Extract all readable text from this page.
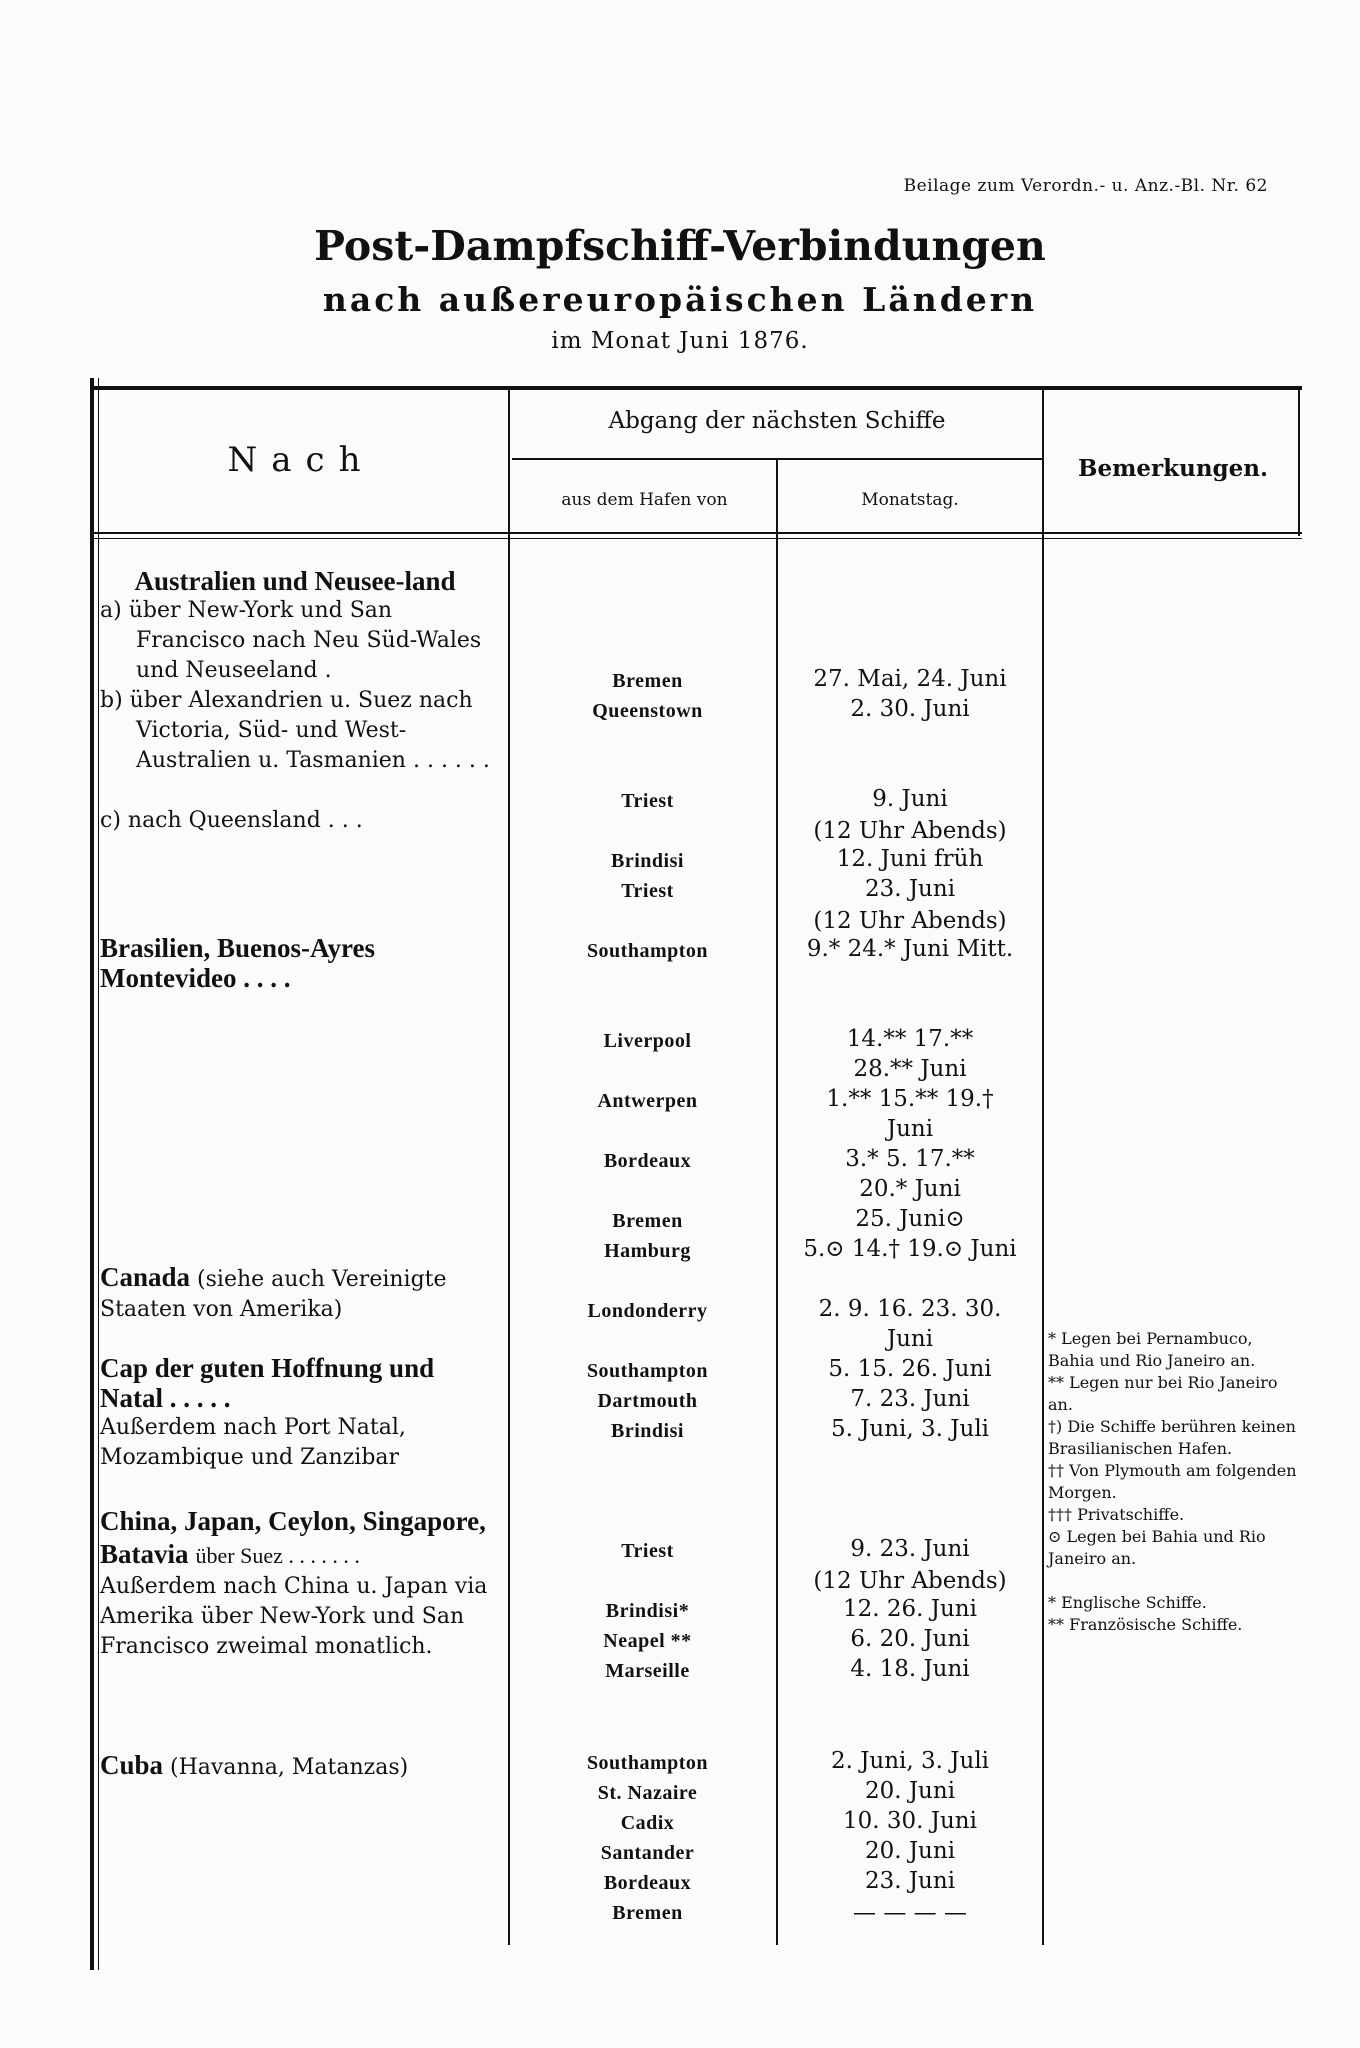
Beilage zum Verordn.- u. Anz.-Bl. Nr. 62
Post-Dampfschiff-Verbindungen
nach außereuropäischen Ländern
im Monat Juni 1876.
Nach
Abgang der nächsten Schiffe
aus dem Hafen von	Monatstag.
Bemerkungen.
Australien und Neusee-land
a) über New-York und San Francisco nach Neu Süd-Wales und Neuseeland .
b) über Alexandrien u. Suez nach Victoria, Süd- und West-Australien u. Tasmanien . . . . . .
c) nach Queensland . . .
Brasilien, Buenos-Ayres Montevideo . . . .
Canada (siehe auch Vereinigte Staaten von Amerika)
Cap der guten Hoffnung und Natal . . . . .
Außerdem nach Port Natal, Mozambique und Zanzibar
China, Japan, Ceylon, Singapore, Batavia über Suez . . . . . . .
Außerdem nach China u. Japan via Amerika über New-York und San Francisco zweimal monatlich.
Cuba (Havanna, Matanzas)
Bremen
Queenstown
Triest
Brindisi
Triest
Southampton
Liverpool
Antwerpen
Bordeaux
Bremen
Hamburg
Londonderry
Southampton
Dartmouth
Brindisi
Triest
Brindisi*
Neapel **
Marseille
Southampton
St. Nazaire
Cadix
Santander
Bordeaux
Bremen
27. Mai, 24. Juni
2. 30. Juni
9. Juni
(12 Uhr Abends)
12. Juni früh
23. Juni
(12 Uhr Abends)
9.* 24.* Juni Mitt.
14.** 17.** 28.** Juni
1.** 15.** 19.† Juni
3.* 5. 17.** 20.* Juni
25. Juni⊙
5.⊙ 14.† 19.⊙ Juni
2. 9. 16. 23. 30. Juni
5. 15. 26. Juni
7. 23. Juni
5. Juni, 3. Juli
9. 23. Juni
(12 Uhr Abends)
12. 26. Juni
6. 20. Juni
4. 18. Juni
2. Juni, 3. Juli
20. Juni
10. 30. Juni
20. Juni
23. Juni
— — — —
* Legen bei Pernambuco, Bahia und Rio Janeiro an.
** Legen nur bei Rio Janeiro an.
†) Die Schiffe berühren keinen Brasilianischen Hafen.
†† Von Plymouth am folgenden Morgen.
††† Privatschiffe.
⊙ Legen bei Bahia und Rio Janeiro an.
* Englische Schiffe.
** Französische Schiffe.
